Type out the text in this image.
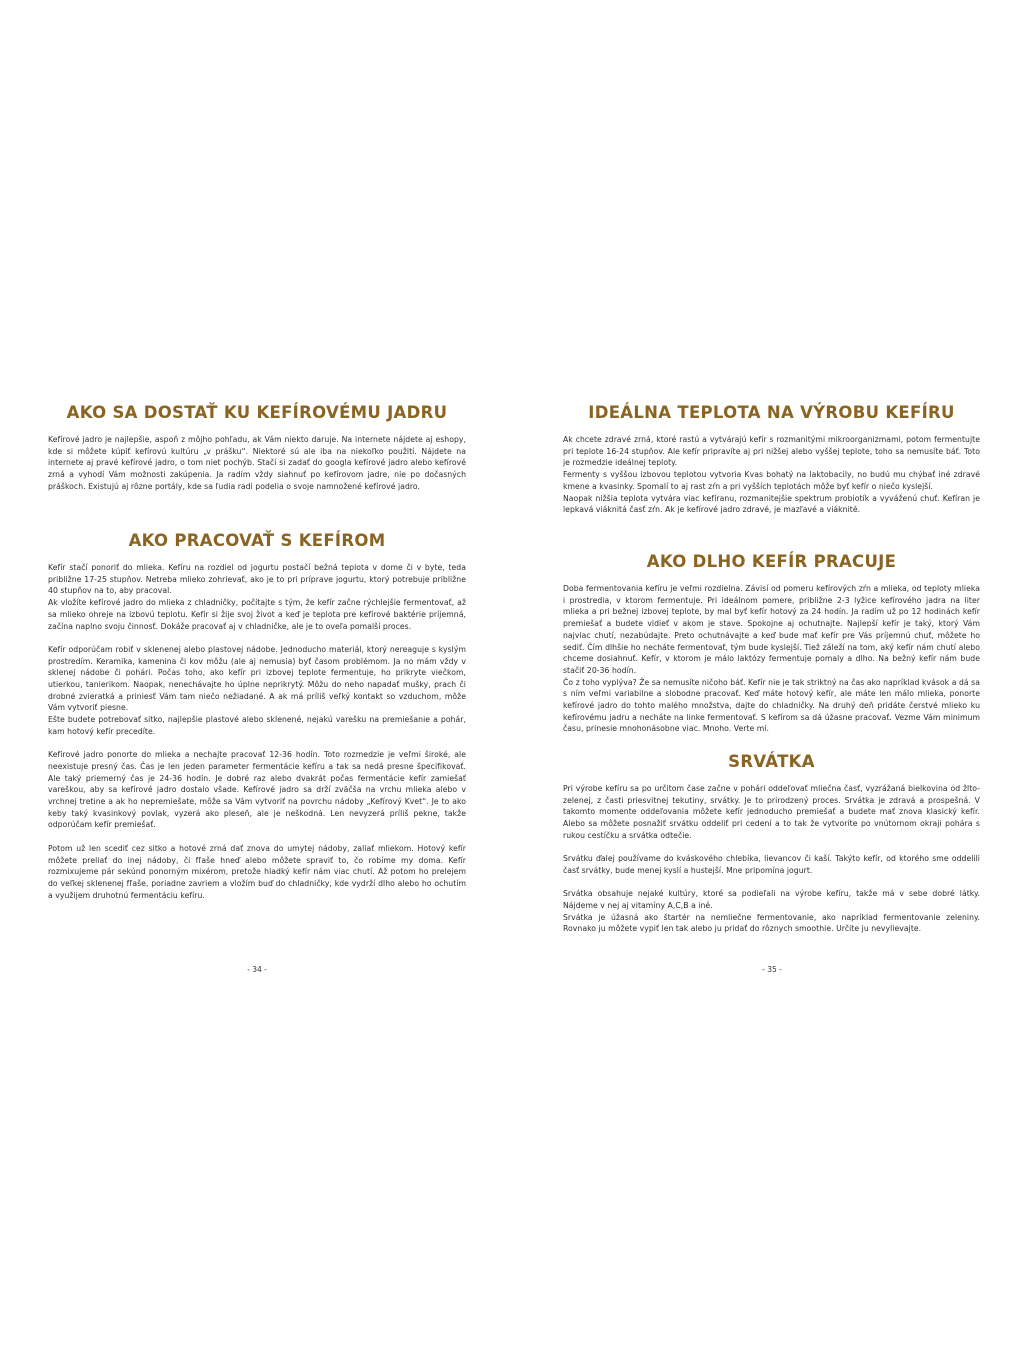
AKO SA DOSTAŤ KU KEFÍROVÉMU JADRU

Kefírové jadro je najlepšie, aspoň z môjho pohľadu, ak Vám niekto daruje. Na internete nájdete aj eshopy, kde si môžete kúpiť kefírovú kultúru „v prášku“. Niektoré sú ale iba na niekoľko použití. Nájdete na internete aj pravé kefírové jadro, o tom niet pochýb. Stačí si zadať do googla kefírové jadro alebo kefírové zrná a vyhodí Vám možnosti zakúpenia. Ja radím vždy siahnuť po kefírovom jadre, nie po dočasných práškoch. Existujú aj rôzne portály, kde sa ľudia radi podelia o svoje namnožené kefírové jadro.

AKO PRACOVAŤ S KEFÍROM

Kefír stačí ponoriť do mlieka. Kefíru na rozdiel od jogurtu postačí bežná teplota v dome či v byte, teda približne 17-25 stupňov. Netreba mlieko zohrievať, ako je to pri príprave jogurtu, ktorý potrebuje približne 40 stupňov na to, aby pracoval.
Ak vložíte kefírové jadro do mlieka z chladničky, počítajte s tým, že kefír začne rýchlejšie fermentovať, až sa mlieko ohreje na izbovú teplotu. Kefír si žije svoj život a keď je teplota pre kefírové baktérie príjemná, začína naplno svoju činnosť. Dokáže pracovať aj v chladničke, ale je to oveľa pomalší proces.

Kefír odporúčam robiť v sklenenej alebo plastovej nádobe. Jednoducho materiál, ktorý nereaguje s kyslým prostredím. Keramika, kamenina či kov môžu (ale aj nemusia) byť časom problémom. Ja no mám vždy v sklenej nádobe či pohári. Počas toho, ako kefír pri izbovej teplote fermentuje, ho prikryte viečkom, utierkou, tanierikom. Naopak, nenechávajte ho úplne neprikrytý. Môžu do neho napadať mušky, prach či drobné zvieratká a priniesť Vám tam niečo nežiadané. A ak má príliš veľký kontakt so vzduchom, môže Vám vytvoriť piesne.
Ešte budete potrebovať sitko, najlepšie plastové alebo sklenené, nejakú varešku na premiešanie a pohár, kam hotový kefír precedíte.

Kefírové jadro ponorte do mlieka a nechajte pracovať 12-36 hodín. Toto rozmedzie je veľmi široké, ale neexistuje presný čas. Čas je len jeden parameter fermentácie kefíru a tak sa nedá presne špecifikovať. Ale taký priemerný čas je 24-36 hodín. Je dobré raz alebo dvakrát počas fermentácie kefír zamiešať vareškou, aby sa kefírové jadro dostalo všade. Kefírové jadro sa drží zväčša na vrchu mlieka alebo v vrchnej tretine a ak ho nepremiešate, môže sa Vám vytvoriť na povrchu nádoby „Kefírový Kvet“. Je to ako keby taký kvasinkový povlak, vyzerá ako pleseň, ale je neškodná. Len nevyzerá príliš pekne, takže odporúčam kefír premiešať.

Potom už len scediť cez sitko a hotové zrná dať znova do umytej nádoby, zaliať mliekom. Hotový kefír môžete preliať do inej nádoby, či fľaše hneď alebo môžete spraviť to, čo robíme my doma. Kefír rozmixujeme pár sekúnd ponorným mixérom, pretože hladký kefír nám viac chutí. Až potom ho prelejem do veľkej sklenenej fľaše, poriadne zavriem a vložím buď do chladničky, kde vydrží dlho alebo ho ochutím a využijem druhotnú fermentáciu kefíru.

- 34 -
IDEÁLNA TEPLOTA NA VÝROBU KEFÍRU

Ak chcete zdravé zrná, ktoré rastú a vytvárajú kefír s rozmanitými mikroorganizmami, potom fermentujte pri teplote 16-24 stupňov. Ale kefír pripravíte aj pri nižšej alebo vyššej teplote, toho sa nemusíte báť. Toto je rozmedzie ideálnej teploty.
Fermenty s vyššou izbovou teplotou vytvoria Kvas bohatý na laktobacily, no budú mu chýbať iné zdravé kmene a kvasinky. Spomalí to aj rast zŕn a pri vyšších teplotách môže byť kefír o niečo kyslejší.
Naopak nižšia teplota vytvára viac kefíranu, rozmanitejšie spektrum probiotík a vyváženú chuť. Kefíran je lepkavá viáknitá časť zŕn. Ak je kefírové jadro zdravé, je mazľavé a viáknité.

AKO DLHO KEFÍR PRACUJE

Doba fermentovania kefíru je veľmi rozdielna. Závisí od pomeru kefírových zŕn a mlieka, od teploty mlieka i prostredia, v ktorom fermentuje. Pri ideálnom pomere, približne 2-3 lyžice kefírového jadra na liter mlieka a pri bežnej izbovej teplote, by mal byť kefír hotový za 24 hodín. Ja radím už po 12 hodinách kefír premiešať a budete vidieť v akom je stave. Spokojne aj ochutnajte. Najlepší kefír je taký, ktorý Vám najviac chutí, nezabúdajte. Preto ochutnávajte a keď bude mať kefír pre Vás príjemnú chuť, môžete ho sediť. Čím dlhšie ho necháte fermentovať, tým bude kyslejší. Tiež záleží na tom, aký kefír nám chutí alebo chceme dosiahnuť. Kefír, v ktorom je málo laktózy fermentuje pomaly a dlho. Na bežný kefír nám bude stačiť 20-36 hodín.
Čo z toho vyplýva? Že sa nemusíte ničoho báť. Kefír nie je tak striktný na čas ako napríklad kvások a dá sa s ním veľmi variabilne a slobodne pracovať. Keď máte hotový kefír, ale máte len málo mlieka, ponorte kefírové jadro do tohto malého množstva, dajte do chladničky. Na druhý deň pridáte čerstvé mlieko ku kefírovému jadru a necháte na linke fermentovať. S kefírom sa dá úžasne pracovať. Vezme Vám minimum času, prinesie mnohonásobne viac. Mnoho. Verte mi.

SRVÁTKA

Pri výrobe kefíru sa po určitom čase začne v pohári oddeľovať mliečna časť, vyzrážaná bielkovina od žlto-zelenej, z časti priesvitnej tekutiny, srvátky. Je to prirodzený proces. Srvátka je zdravá a prospešná. V takomto momente oddeľovania môžete kefír jednoducho premiešať a budete mať znova klasický kefír. Alebo sa môžete posnažiť srvátku oddeliť pri cedení a to tak že vytvoríte po vnútornom okraji pohára s rukou cestíčku a srvátka odtečie.

Srvátku ďalej používame do kváskového chlebíka, lievancov či kaší. Takýto kefír, od ktorého sme oddelili časť srvátky, bude menej kyslí a hustejší. Mne pripomína jogurt.

Srvátka obsahuje nejaké kultúry, ktoré sa podieľali na výrobe kefíru, takže má v sebe dobré látky. Nájdeme v nej aj vitamíny A,C,B a iné.
Srvátka je úžasná ako štartér na nemliečne fermentovanie, ako napríklad fermentovanie zeleniny. Rovnako ju môžete vypiť len tak alebo ju pridať do rôznych smoothie. Určite ju nevylievajte.

- 35 -
